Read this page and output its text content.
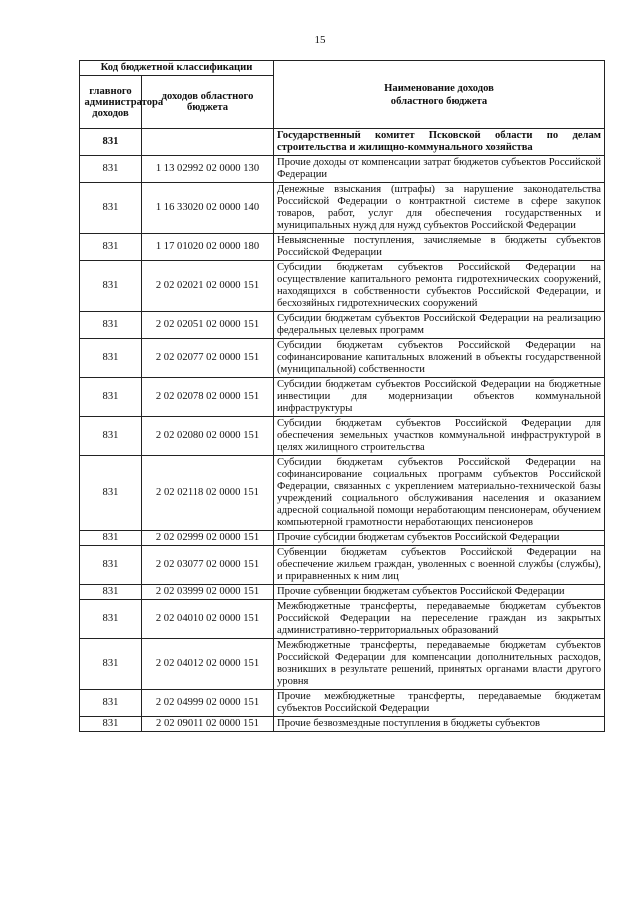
15
Код бюджетной классификации		Наименование доходов областного бюджета

главного администратора доходов	доходов областного бюджета	

831		Государственный комитет Псковской области по делам строительства и жилищно-коммунального хозяйства
831	1 13 02992 02 0000 130	Прочие доходы от компенсации затрат бюджетов субъектов Российской Федерации
831	1 16 33020 02 0000 140	Денежные взыскания (штрафы) за нарушение законодательства Российской Федерации о контрактной системе в сфере закупок товаров, работ, услуг для обеспечения государственных и муниципальных нужд для нужд субъектов Российской Федерации
831	1 17 01020 02 0000 180	Невыясненные поступления, зачисляемые в бюджеты субъектов Российской Федерации
831	2 02 02021 02 0000 151	Субсидии бюджетам субъектов Российской Федерации на осуществление капитального ремонта гидротехнических сооружений, находящихся в собственности субъектов Российской Федерации, и бесхозяйных гидротехнических сооружений
831	2 02 02051 02 0000 151	Субсидии бюджетам субъектов Российской Федерации на реализацию федеральных целевых программ
831	2 02 02077 02 0000 151	Субсидии бюджетам субъектов Российской Федерации на софинансирование капитальных вложений в объекты государственной (муниципальной) собственности
831	2 02 02078 02 0000 151	Субсидии бюджетам субъектов Российской Федерации на бюджетные инвестиции для модернизации объектов коммунальной инфраструктуры
831	2 02 02080 02 0000 151	Субсидии бюджетам субъектов Российской Федерации для обеспечения земельных участков коммунальной инфраструктурой в целях жилищного строительства
831	2 02 02118 02 0000 151	Субсидии бюджетам субъектов Российской Федерации на софинансирование социальных программ субъектов Российской Федерации, связанных с укреплением материально-технической базы учреждений социального обслуживания населения и оказанием адресной социальной помощи неработающим пенсионерам, обучением компьютерной грамотности неработающих пенсионеров
831	2 02 02999 02 0000 151	Прочие субсидии бюджетам субъектов Российской Федерации
831	2 02 03077 02 0000 151	Субвенции бюджетам субъектов Российской Федерации на обеспечение жильем граждан, уволенных с военной службы (службы), и приравненных к ним лиц
831	2 02 03999 02 0000 151	Прочие субвенции бюджетам субъектов Российской Федерации
831	2 02 04010 02 0000 151	Межбюджетные трансферты, передаваемые бюджетам субъектов Российской Федерации на переселение граждан из закрытых административно-территориальных образований
831	2 02 04012 02 0000 151	Межбюджетные трансферты, передаваемые бюджетам субъектов Российской Федерации для компенсации дополнительных расходов, возникших в результате решений, принятых органами власти другого уровня
831	2 02 04999 02 0000 151	Прочие межбюджетные трансферты, передаваемые бюджетам субъектов Российской Федерации
831	2 02 09011 02 0000 151	Прочие безвозмездные поступления в бюджеты субъектов
